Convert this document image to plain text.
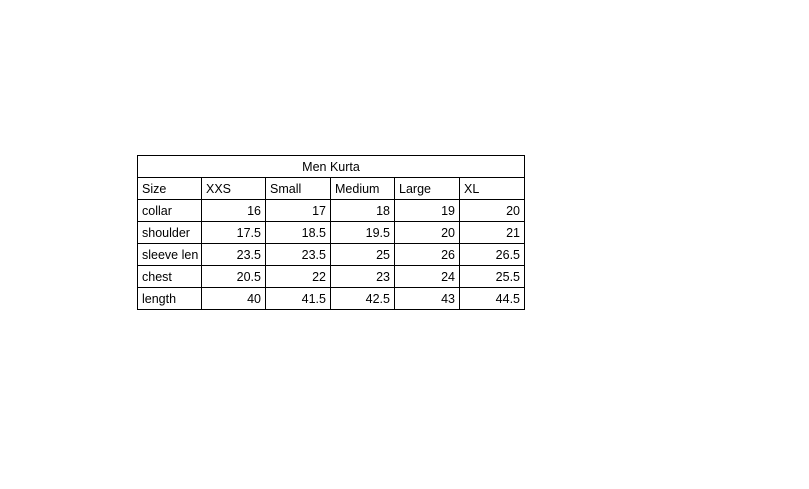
Men Kurta					
Size	XXS	Small	Medium	Large	XL
collar	16	17	18	19	20
shoulder	17.5	18.5	19.5	20	21
sleeve len	23.5	23.5	25	26	26.5
chest	20.5	22	23	24	25.5
length	40	41.5	42.5	43	44.5
